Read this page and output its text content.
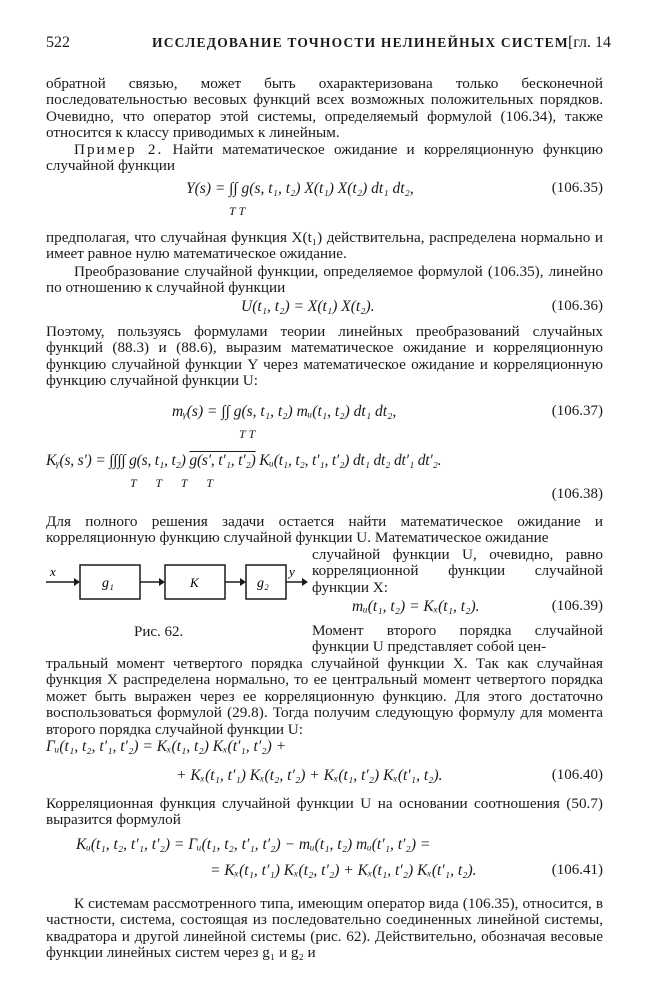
522	ИССЛЕДОВАНИЕ ТОЧНОСТИ НЕЛИНЕЙНЫХ СИСТЕМ [гл. 14
обратной связью, может быть охарактеризована только бесконечной последовательностью весовых функций всех возможных положительных порядков. Очевидно, что оператор этой системы, определяемый формулой (106.34), также относится к классу приводимых к линейным.
Пример 2. Найти математическое ожидание и корреляционную функцию случайной функции
Y(s) = ∫∫ g(s, t₁, t₂) X(t₁) X(t₂) dt₁ dt₂,
T T
(106.35)
предполагая, что случайная функция X(t₁) действительна, распределена нормально и имеет равное нулю математическое ожидание.
Преобразование случайной функции, определяемое формулой (106.35), линейно по отношению к случайной функции
U(t₁, t₂) = X(t₁) X(t₂).	(106.36)
Поэтому, пользуясь формулами теории линейных преобразований случайных функций (88.3) и (88.6), выразим математическое ожидание и корреляционную функцию случайной функции Y через математическое ожидание и корреляционную функцию случайной функции U:
mᵧ(s) = ∫∫ g(s, t₁, t₂) mᵤ(t₁, t₂) dt₁ dt₂,
T T
(106.37)
Kᵧ(s, s′) = ∫∫∫∫ g(s, t₁, t₂) g(s′, t′₁, t′₂) Kᵤ(t₁, t₂, t′₁, t′₂) dt₁ dt₂ dt′₁ dt′₂.
T T T T
(106.38)
Для полного решения задачи остается найти математическое ожидание и корреляционную функцию случайной функции U. Математическое ожидание
случайной функции U, очевидно, равно корреляционной функции случайной функции X:
x
g₁	K	g₂
y
mᵤ(t₁, t₂) = Kₓ(t₁, t₂).	(106.39)
Рис. 62.	Момент второго порядка случайной функции U представляет собой цен-
тральный момент четвертого порядка случайной функции X. Так как случайная функция X распределена нормально, то ее центральный момент четвертого порядка может быть выражен через ее корреляционную функцию. Для этого достаточно воспользоваться формулой (29.8). Тогда получим следующую формулу для момента второго порядка случайной функции U:
Γᵤ(t₁, t₂, t′₁, t′₂) = Kₓ(t₁, t₂) Kₓ(t′₁, t′₂) +
+ Kₓ(t₁, t′₁) Kₓ(t₂, t′₂) + Kₓ(t₁, t′₂) Kₓ(t′₁, t₂).	(106.40)
Корреляционная функция случайной функции U на основании соотношения (50.7) выразится формулой
Kᵤ(t₁, t₂, t′₁, t′₂) = Γᵤ(t₁, t₂, t′₁, t′₂) − mᵤ(t₁, t₂) mᵤ(t′₁, t′₂) =
= Kₓ(t₁, t′₁) Kₓ(t₂, t′₂) + Kₓ(t₁, t′₂) Kₓ(t′₁, t₂).	(106.41)
К системам рассмотренного типа, имеющим оператор вида (106.35), относится, в частности, система, состоящая из последовательно соединенных линейной системы, квадратора и другой линейной системы (рис. 62). Действительно, обозначая весовые функции линейных систем через g₁ и g₂ и
